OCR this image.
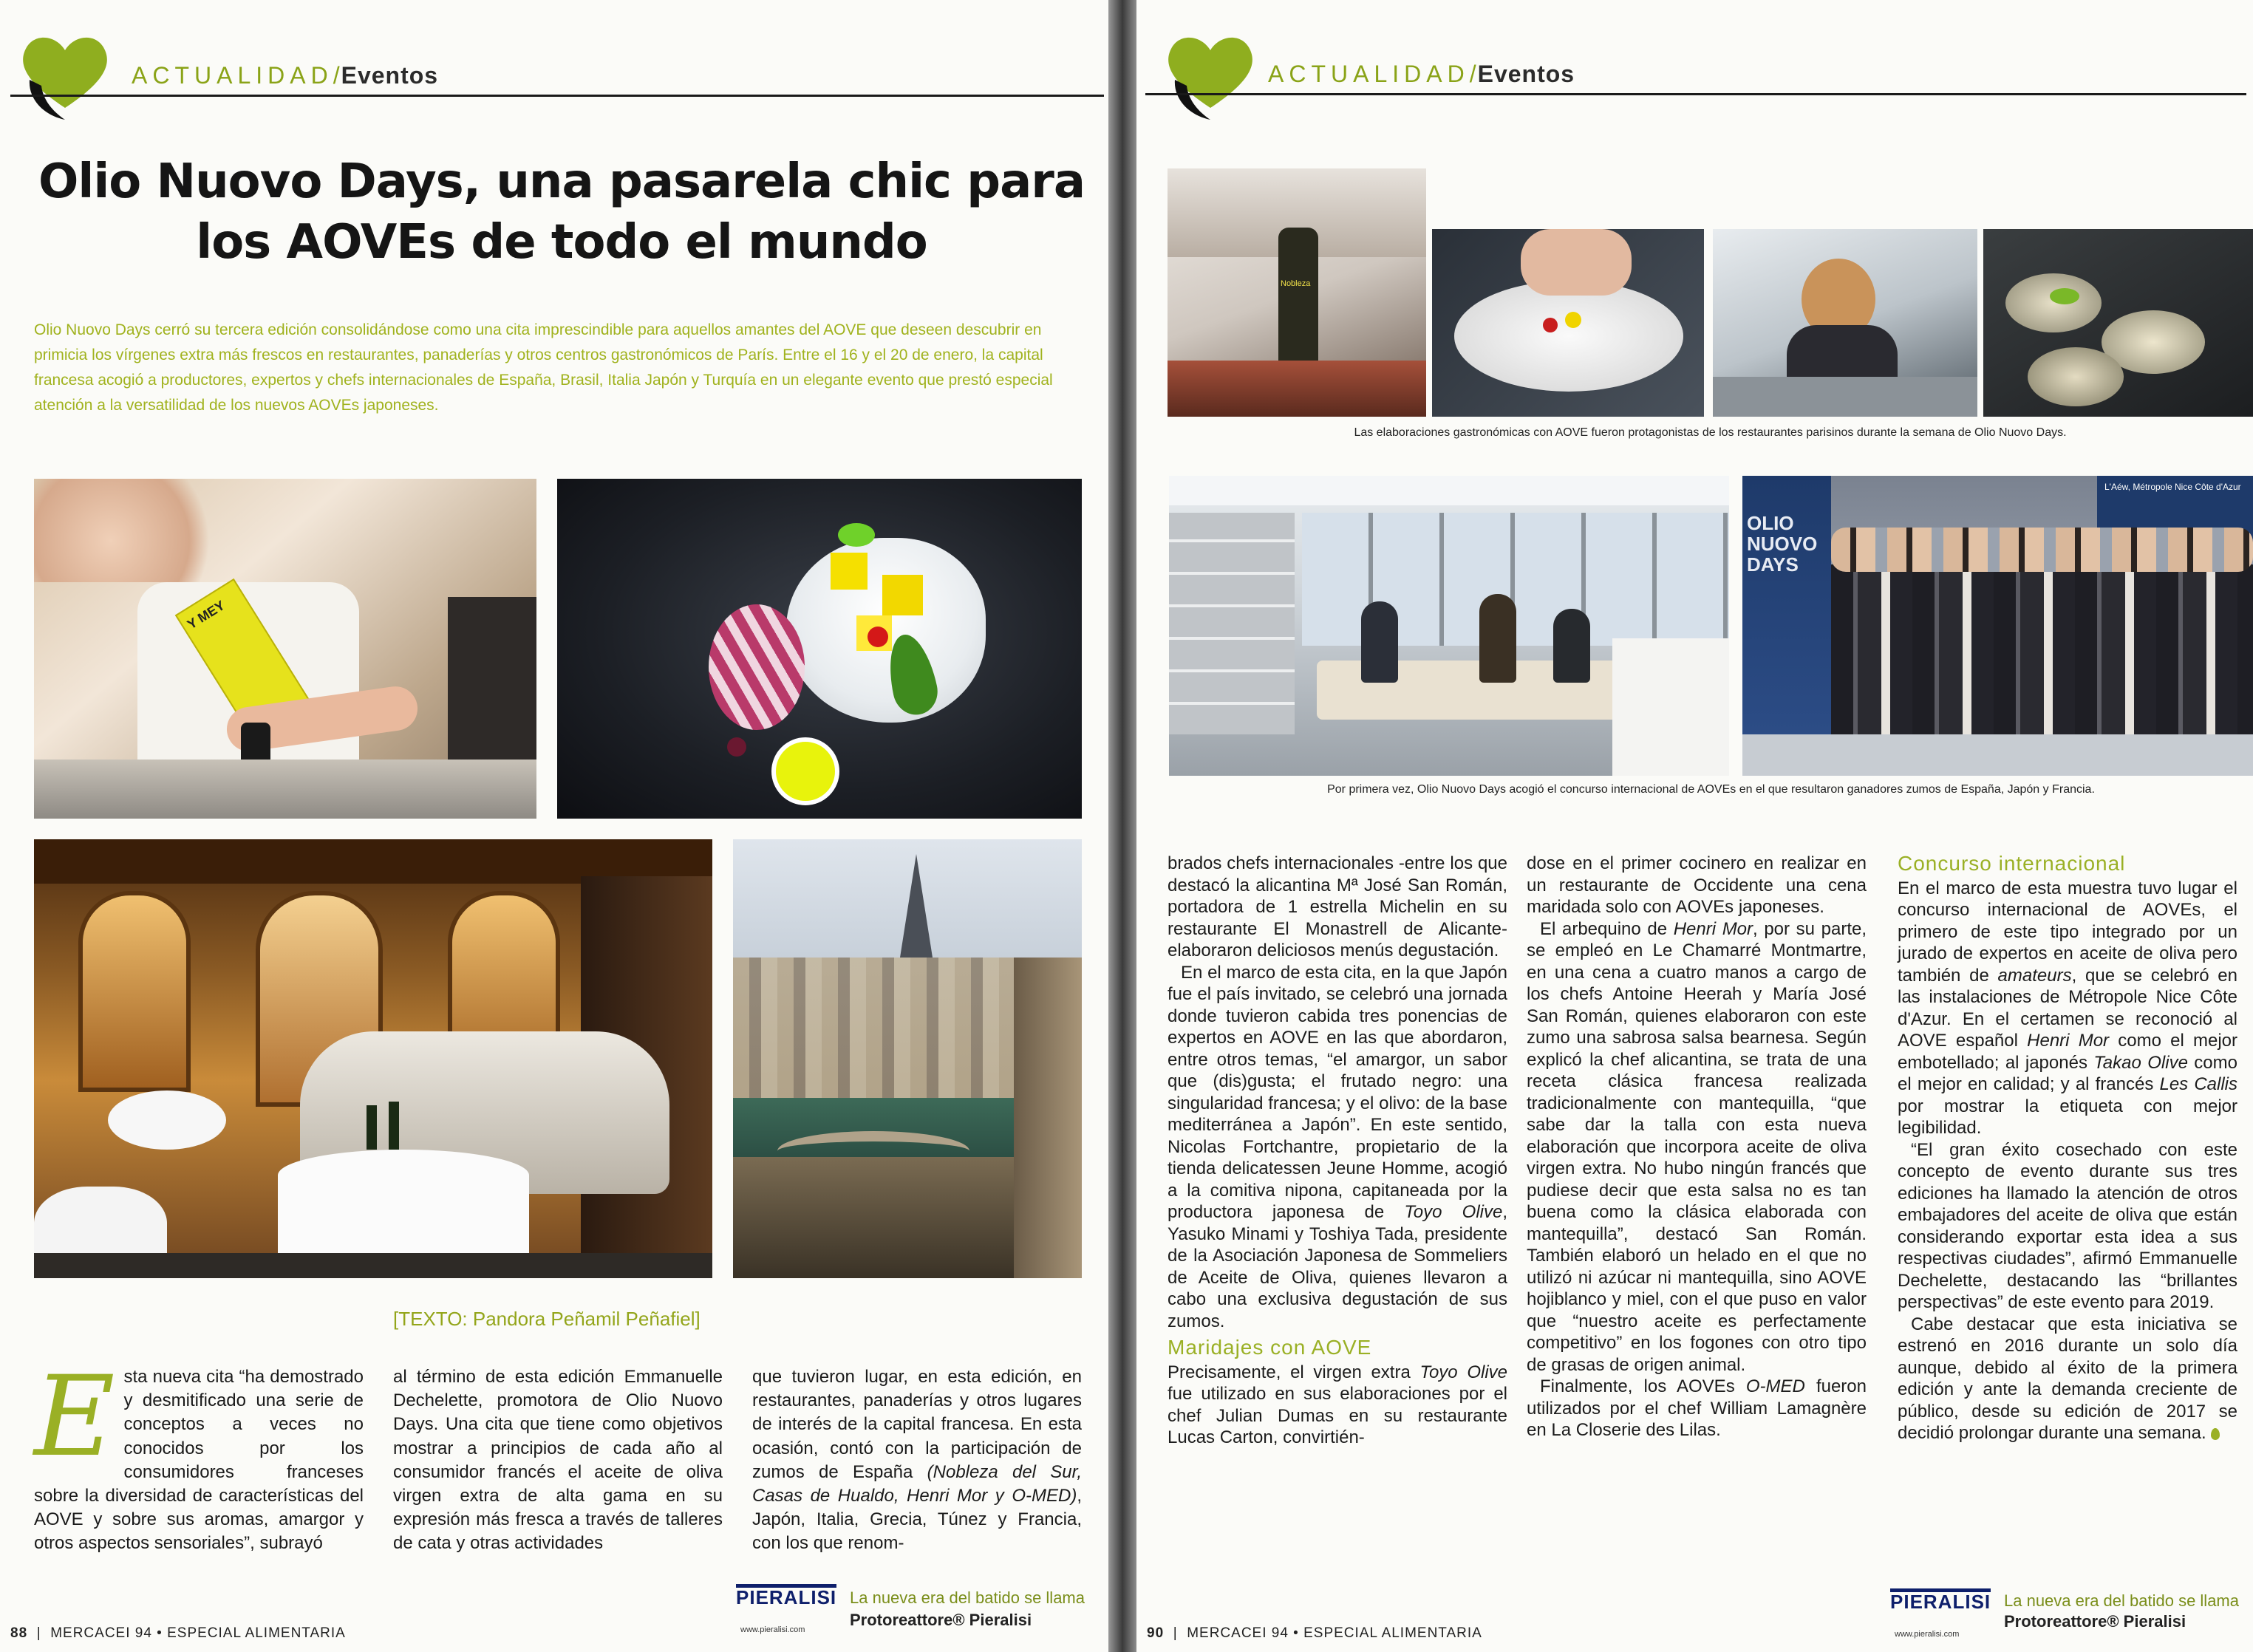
ACTUALIDAD/Eventos
Olio Nuovo Days, una pasarela chic para
los AOVEs de todo el mundo

Olio Nuovo Days cerró su tercera edición consolidándose como una cita imprescindible para aquellos amantes del AOVE que deseen descubrir en primicia los vírgenes extra más frescos en restaurantes, panaderías y otros centros gastronómicos de París. Entre el 16 y el 20 de enero, la capital francesa acogió a productores, expertos y chefs internacionales de España, Brasil, Italia Japón y Turquía en un elegante evento que prestó especial atención a la versatilidad de los nuevos AOVEs japoneses.

Y MEY
[TEXTO: Pandora Peñamil Peñafiel]
Esta nueva cita “ha demostrado y desmitificado una serie de conceptos a veces no conocidos por los consumidores franceses sobre la diversidad de características del AOVE y sobre sus aromas, amargor y otros aspectos sensoriales”, subrayó
al término de esta edición Emmanuelle Dechelette, promotora de Olio Nuovo Days. Una cita que tiene como objetivos mostrar a principios de cada año al consumidor francés el aceite de oliva virgen extra de alta gama en su expresión más fresca a través de talleres de cata y otras actividades
que tuvieron lugar, en esta edición, en restaurantes, panaderías y otros lugares de interés de la capital francesa. En esta ocasión, contó con la participación de zumos de España (Nobleza del Sur, Casas de Hualdo, Henri Mor y O-MED), Japón, Italia, Grecia, Túnez y Francia, con los que renom-
88  |  MERCACEI 94 • ESPECIAL ALIMENTARIA
PIERALISI
www.pieralisi.com
La nueva era del batido se llama
Protoreattore® Pieralisi
ACTUALIDAD/Eventos
Nobleza
Las elaboraciones gastronómicas con AOVE fueron protagonistas de los restaurantes parisinos durante la semana de Olio Nuovo Days.
OLIO NUOVO DAYS
L'Aéw, Métropole Nice Côte d'Azur
Por primera vez, Olio Nuovo Days acogió el concurso internacional de AOVEs en el que resultaron ganadores zumos de España, Japón y Francia.

brados chefs internacionales -entre los que destacó la alicantina Mª José San Román, portadora de 1 estrella Michelin en su restaurante El Monastrell de Alicante- elaboraron deliciosos menús degustación.

En el marco de esta cita, en la que Japón fue el país invitado, se celebró una jornada donde tuvieron cabida tres ponencias de expertos en AOVE en las que abordaron, entre otros temas, “el amargor, un sabor que (dis)gusta; el frutado negro: una singularidad francesa; y el olivo: de la base mediterránea a Japón”. En este sentido, Nicolas Fortchantre, propietario de la tienda delicatessen Jeune Homme, acogió a la comitiva nipona, capitaneada por la productora japonesa de Toyo Olive, Yasuko Minami y Toshiya Tada, presidente de la Asociación Japonesa de Sommeliers de Aceite de Oliva, quienes llevaron a cabo una exclusiva degustación de sus zumos.

Maridajes con AOVE

Precisamente, el virgen extra Toyo Olive fue utilizado en sus elaboraciones por el chef Julian Dumas en su restaurante Lucas Carton, convirtién-

dose en el primer cocinero en realizar en un restaurante de Occidente una cena maridada solo con AOVEs japoneses.

El arbequino de Henri Mor, por su parte, se empleó en Le Chamarré Montmartre, en una cena a cuatro manos a cargo de los chefs Antoine Heerah y María José San Román, quienes elaboraron con este zumo una sabrosa salsa bearnesa. Según explicó la chef alicantina, se trata de una receta clásica francesa realizada tradicionalmente con mantequilla, “que sabe dar la talla con esta nueva elaboración que incorpora aceite de oliva virgen extra. No hubo ningún francés que pudiese decir que esta salsa no es tan buena como la clásica elaborada con mantequilla”, destacó San Román. También elaboró un helado en el que no utilizó ni azúcar ni mantequilla, sino AOVE hojiblanco y miel, con el que puso en valor que “nuestro aceite es perfectamente competitivo” en los fogones con otro tipo de grasas de origen animal.

Finalmente, los AOVEs O-MED fueron utilizados por el chef William Lamagnère en La Closerie des Lilas.

Concurso internacional

En el marco de esta muestra tuvo lugar el concurso internacional de AOVEs, el primero de este tipo integrado por un jurado de expertos en aceite de oliva pero también de amateurs, que se celebró en las instalaciones de Métropole Nice Côte d'Azur. En el certamen se reconoció al AOVE español Henri Mor como el mejor embotellado; al japonés Takao Olive como el mejor en calidad; y al francés Les Callis por mostrar la etiqueta con mejor legibilidad.

“El gran éxito cosechado con este concepto de evento durante sus tres ediciones ha llamado la atención de otros embajadores del aceite de oliva que están considerando exportar esta idea a sus respectivas ciudades”, afirmó Emmanuelle Dechelette, destacando las “brillantes perspectivas” de este evento para 2019.

Cabe destacar que esta iniciativa se estrenó en 2016 durante un solo día aunque, debido al éxito de la primera edición y ante la demanda creciente de público, desde su edición de 2017 se decidió prolongar durante una semana.

90  |  MERCACEI 94 • ESPECIAL ALIMENTARIA
PIERALISI
www.pieralisi.com
La nueva era del batido se llama
Protoreattore® Pieralisi
